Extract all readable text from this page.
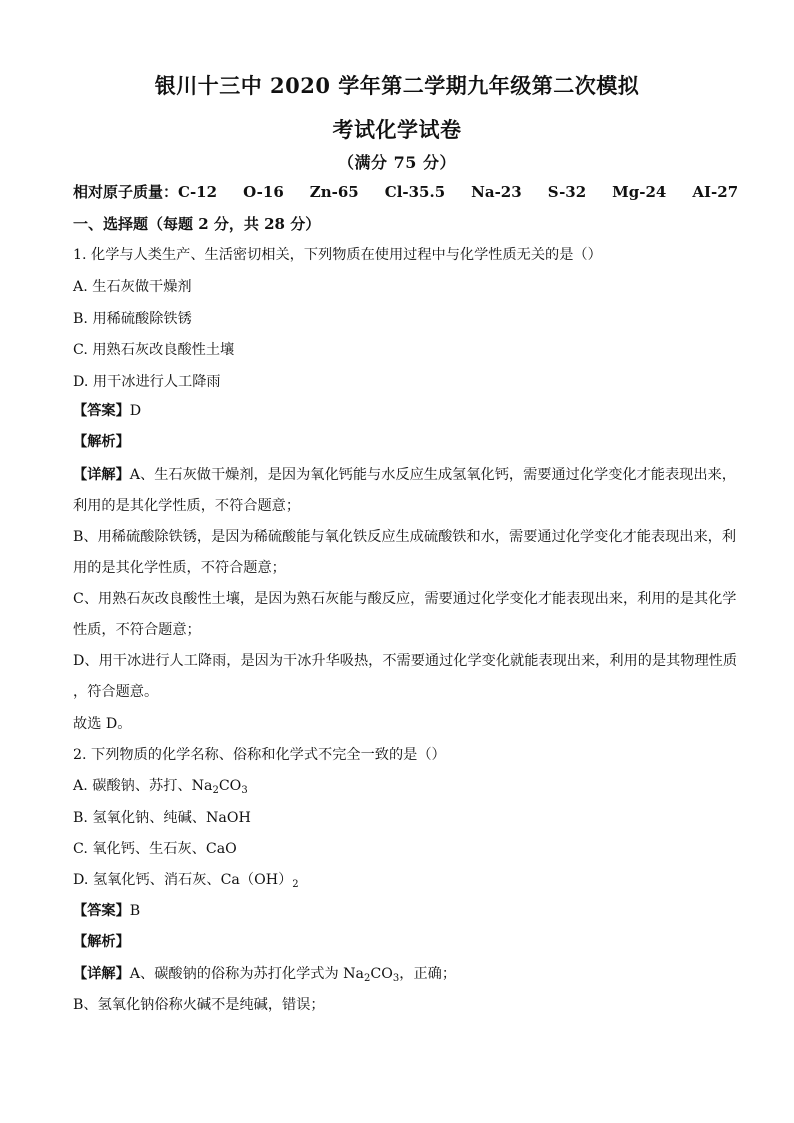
银川十三中 2020 学年第二学期九年级第二次模拟
考试化学试卷
（满分 75 分）
相对原子质量：C-12 O-16 Zn-65 Cl-35.5 Na-23 S-32 Mg-24 AI-27
一、选择题（每题 2 分，共 28 分）
1. 化学与人类生产、生活密切相关，下列物质在使用过程中与化学性质无关的是（）
A. 生石灰做干燥剂
B. 用稀硫酸除铁锈
C. 用熟石灰改良酸性土壤
D. 用干冰进行人工降雨
【答案】D
【解析】
【详解】A、生石灰做干燥剂，是因为氧化钙能与水反应生成氢氧化钙，需要通过化学变化才能表现出来，
利用的是其化学性质，不符合题意；
B、用稀硫酸除铁锈，是因为稀硫酸能与氧化铁反应生成硫酸铁和水，需要通过化学变化才能表现出来，利
用的是其化学性质，不符合题意；
C、用熟石灰改良酸性土壤，是因为熟石灰能与酸反应，需要通过化学变化才能表现出来，利用的是其化学
性质，不符合题意；
D、用干冰进行人工降雨，是因为干冰升华吸热，不需要通过化学变化就能表现出来，利用的是其物理性质
，符合题意。
故选 D。
2. 下列物质的化学名称、俗称和化学式不完全一致的是（）
A. 碳酸钠、苏打、$Na_2CO_3$
B. 氢氧化钠、纯碱、NaOH
C. 氧化钙、生石灰、CaO
D. 氢氧化钙、消石灰、$Ca(OH)_2$
【答案】B
【解析】
【详解】A、碳酸钠的俗称为苏打化学式为 $Na_2CO_3$，正确；
B、氢氧化钠俗称火碱不是纯碱，错误；
